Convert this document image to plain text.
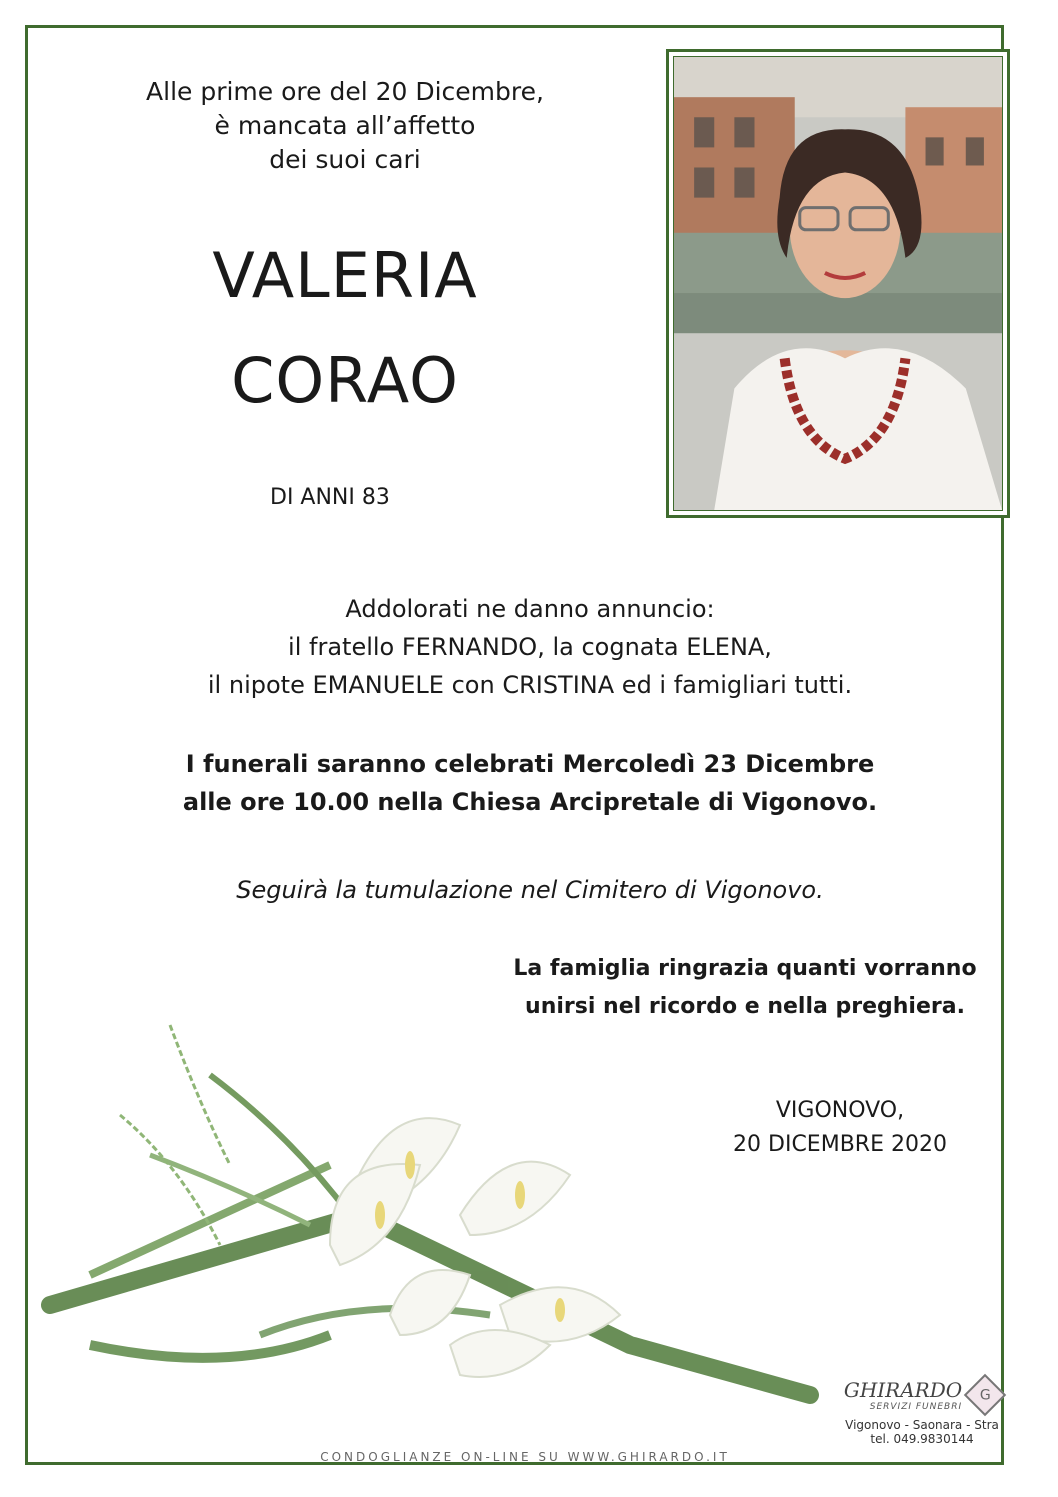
Alle prime ore del 20 Dicembre,
è mancata all’affetto
dei suoi cari
VALERIA
CORAO
DI ANNI 83
Addolorati ne danno annuncio:
il fratello FERNANDO, la cognata ELENA,
il nipote EMANUELE con CRISTINA ed i famigliari tutti.
I funerali saranno celebrati Mercoledì 23 Dicembre
alle ore 10.00 nella Chiesa Arcipretale di Vigonovo.
Seguirà la tumulazione nel Cimitero di Vigonovo.
La famiglia ringrazia quanti vorranno
unirsi nel ricordo e nella preghiera.
VIGONOVO,
20 DICEMBRE 2020
GHIRARDO
SERVIZI FUNEBRI
G
Vigonovo - Saonara - Stra
tel. 049.9830144
CONDOGLIANZE ON-LINE SU WWW.GHIRARDO.IT
